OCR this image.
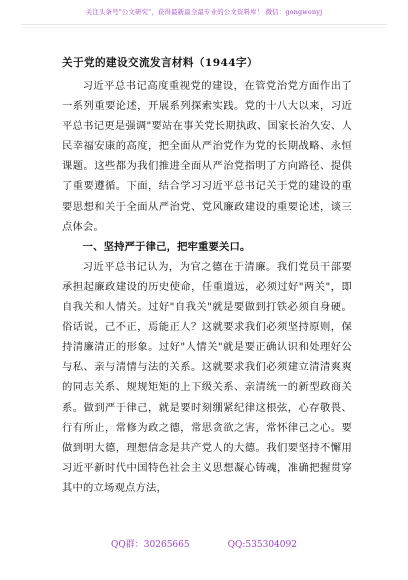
关注头条号"公文研究"，获得最新最全最专业的公文资料库！ 微信：gongwenyj
关于党的建设交流发言材料（1944字）

习近平总书记高度重视党的建设，在管党治党方面作出了一系列重要论述，开展系列探索实践。党的十八大以来，习近平总书记更是强调"要站在事关党长期执政、国家长治久安、人民幸福安康的高度，把全面从严治党作为党的长期战略、永恒课题。这些都为我们推进全面从严治党指明了方向路径、提供了重要遵循。下面，结合学习习近平总书记关于党的建设的重要思想和关于全面从严治党、党风廉政建设的重要论述，谈三点体会。

一、坚持严于律己，把牢重要关口。

习近平总书记认为，为官之德在于清廉。我们党员干部要承担起廉政建设的历史使命，任重道远，必须过好"两关"，即自我关和人情关。过好"自我关"就是要做到打铁必须自身硬。俗话说，己不正，焉能正人？这就要求我们必须坚持原则，保持清廉清正的形象。过好"人情关"就是要正确认识和处理好公与私、亲与清情与法的关系。这就要求我们必须建立清清爽爽的同志关系、规规矩矩的上下级关系、亲清统一的新型政商关系。做到严于律己，就是要时刻绷紧纪律这根弦，心存敬畏、行有所止，常修为政之德，常思贪欲之害，常怀律己之心。要做到明大德，理想信念是共产党人的大德。我们要坚持不懈用习近平新时代中国特色社会主义思想凝心铸魂，准确把握贯穿其中的立场观点方法，

QQ群：30265665	QQ:535304092
